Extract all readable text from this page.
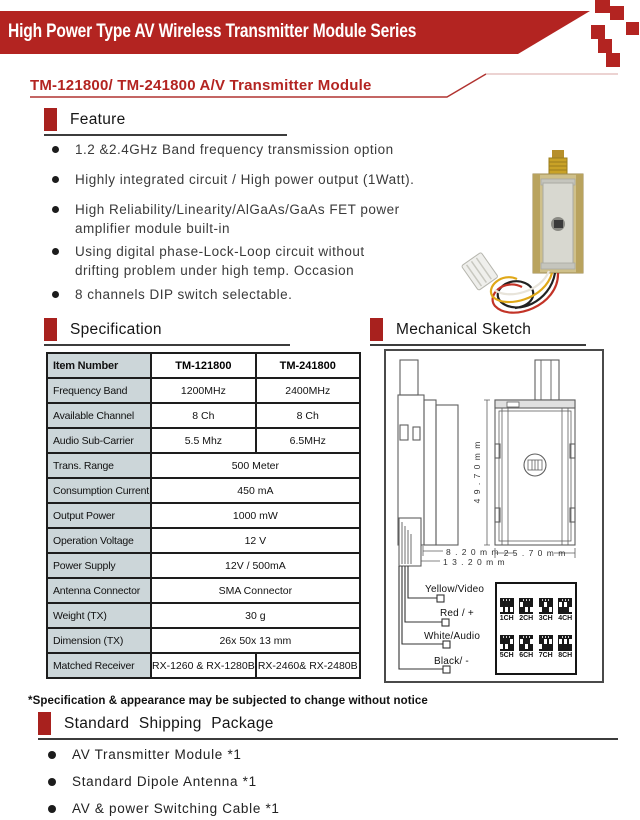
4 9 . 7 0 m m
8 . 2 0 m m
1 3 . 2 0 m m
2 5 . 7 0 m m
High Power Type AV Wireless Transmitter Module Series
TM-121800/ TM-241800 A/V Transmitter Module
Feature
1.2 &2.4GHz Band frequency transmission option
Highly integrated circuit / High power output (1Watt).
High Reliability/Linearity/AlGaAs/GaAs FET power
amplifier module built-in
Using digital phase-Lock-Loop circuit without
drifting problem under high temp. Occasion
8 channels DIP switch selectable.
Specification
Item Number	TM-121800	TM-241800
Frequency Band	1200MHz	2400MHz
Available Channel	8 Ch	8 Ch
Audio Sub-Carrier	5.5 Mhz	6.5MHz
Trans. Range	500 Meter	
Consumption Current	450 mA	
Output Power	1000 mW	
Operation Voltage	12 V	
Power Supply	12V / 500mA	
Antenna Connector	SMA Connector	
Weight (TX)	30 g	
Dimension (TX)	26x 50x 13 mm	
Matched Receiver	RX-1260 & RX-1280B	RX-2460& RX-2480B
Mechanical Sketch
Yellow/Video
Red / +
White/Audio
Black/ -
1CH 2CH 3CH 4CH
5CH 6CH 7CH 8CH
*Specification & appearance may be subjected to change without notice
Standard Shipping Package
AV Transmitter Module *1
Standard Dipole Antenna *1
AV & power Switching Cable *1
